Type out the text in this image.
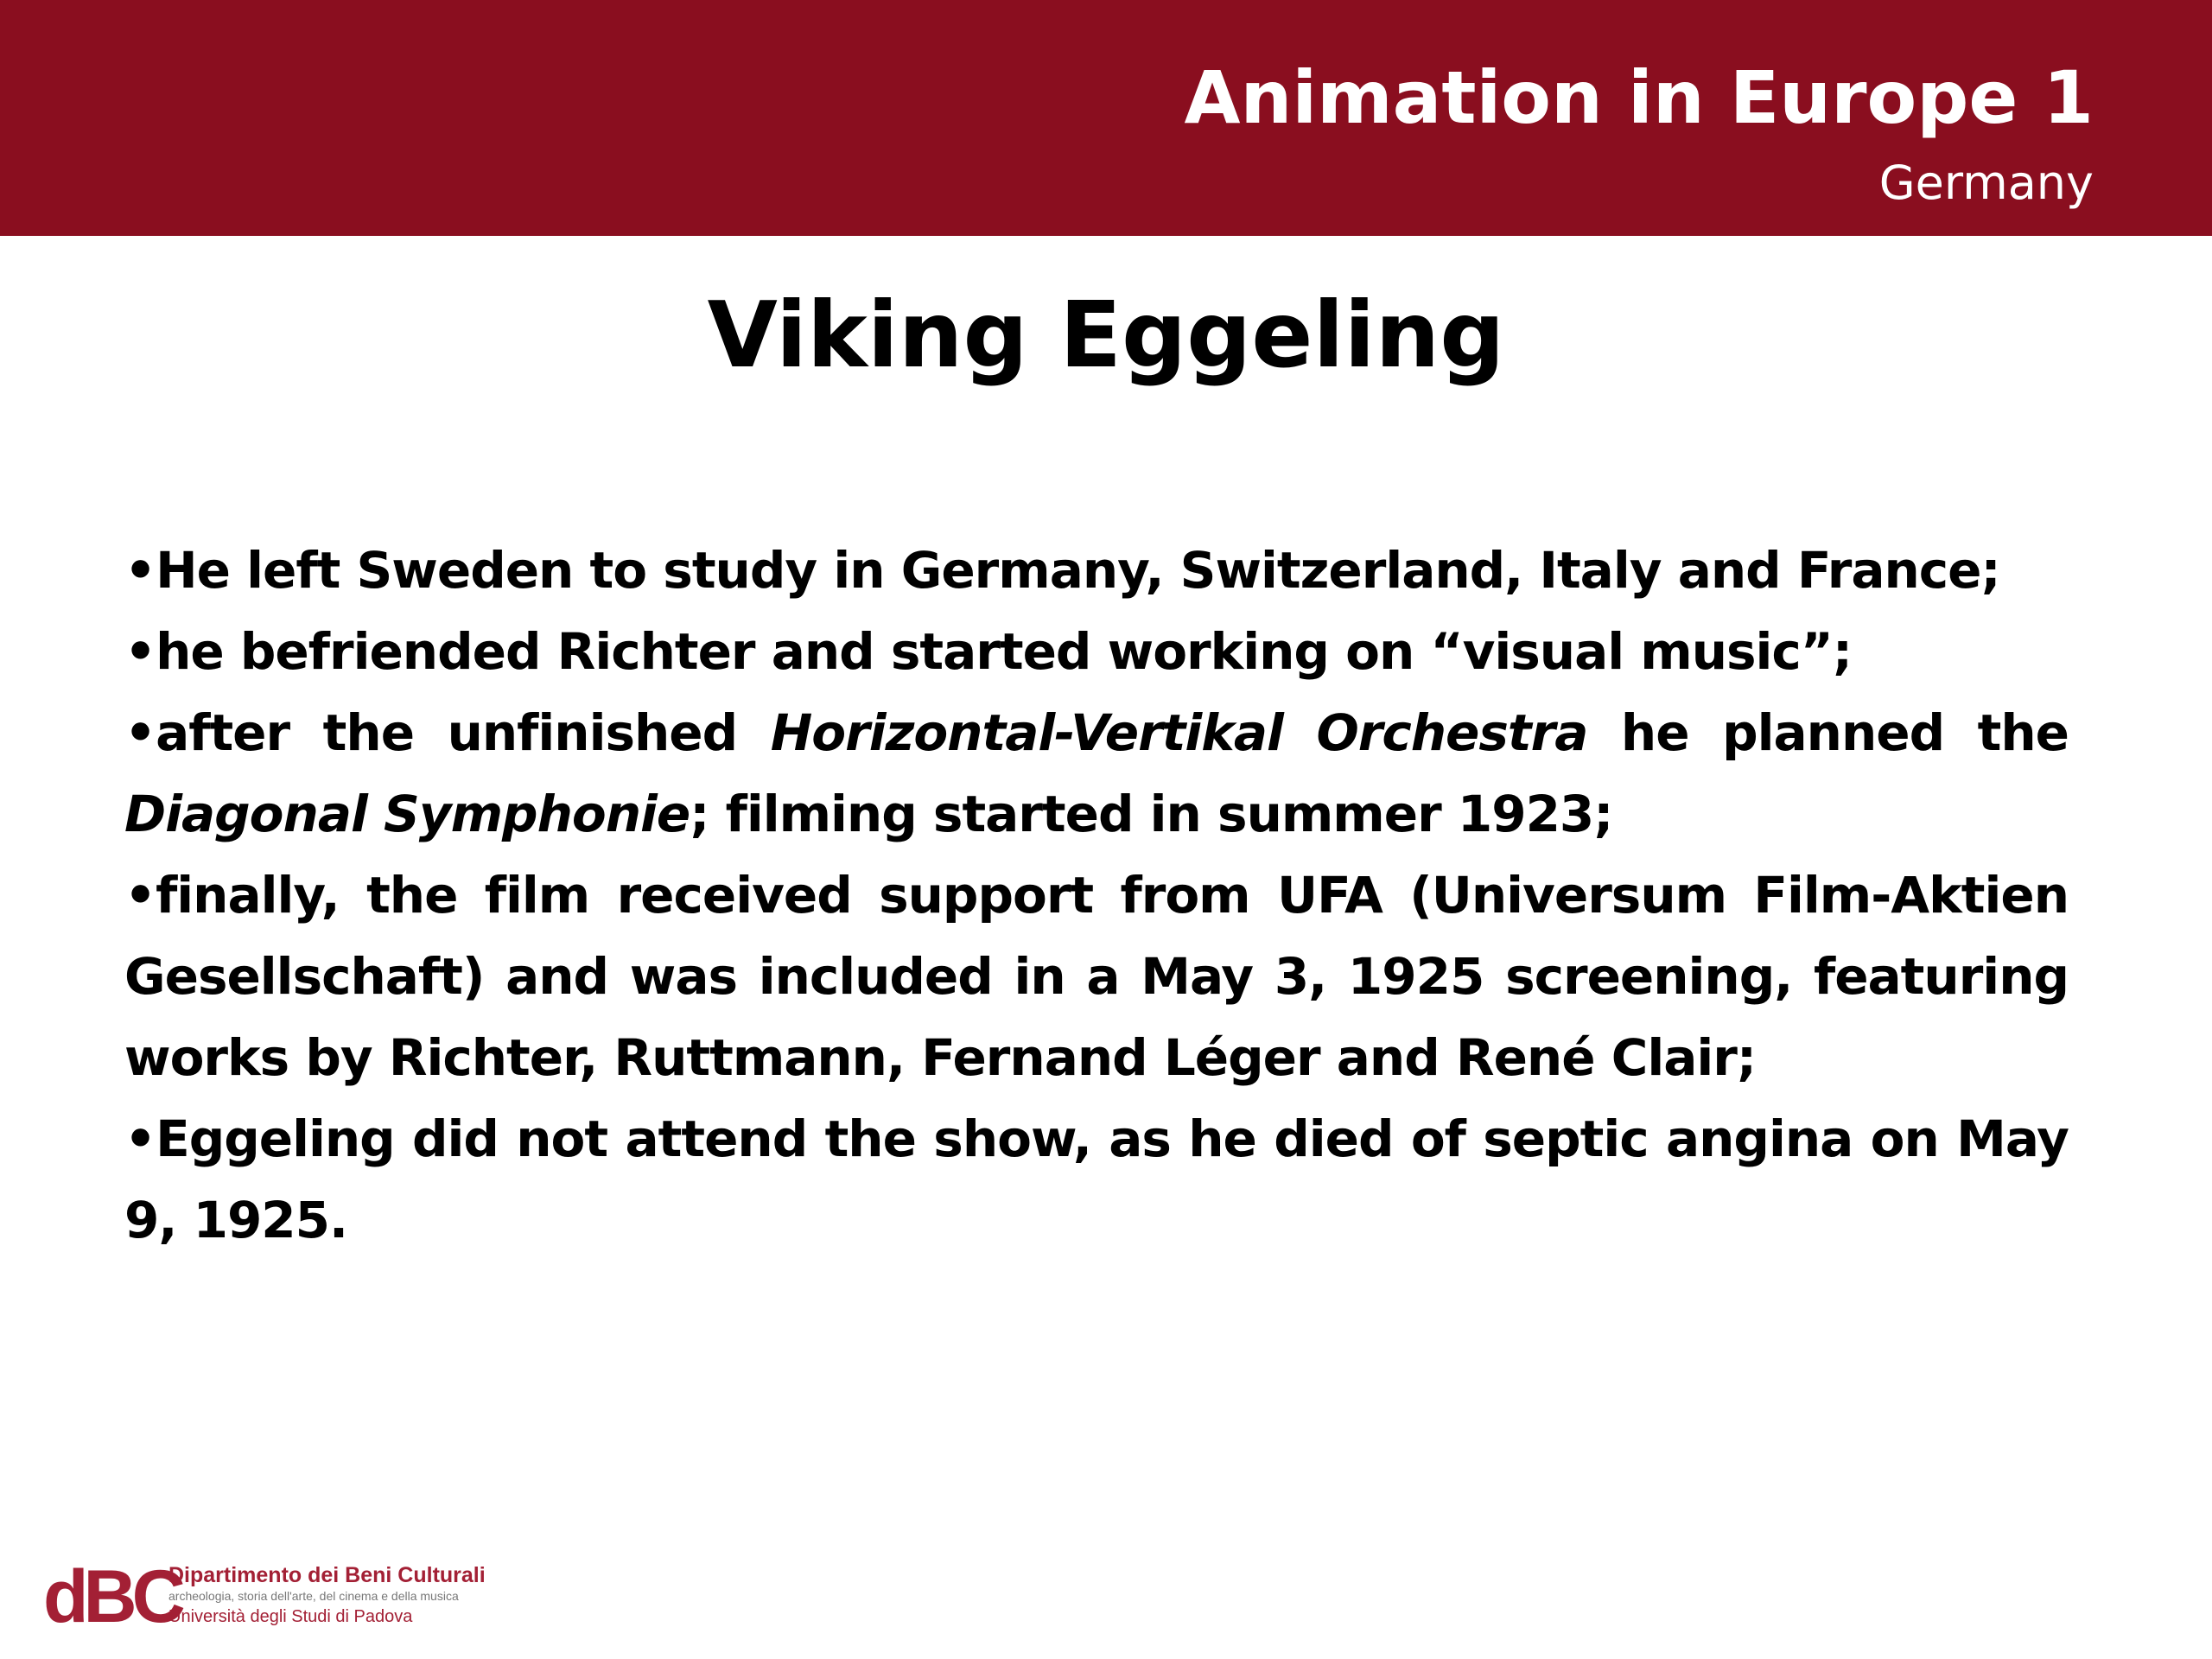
Animation in Europe 1
Germany
Viking Eggeling

•He left Sweden to study in Germany, Switzerland, Italy and France;

•he befriended Richter and started working on “visual music”;

•after the unfinished Horizontal-Vertikal Orchestra he planned the Diagonal Symphonie; filming started in summer 1923;

•finally, the film received support from UFA (Universum Film-Aktien Gesellschaft) and was included in a May 3, 1925 screening, featuring works by Richter, Ruttmann, Fernand Léger and René Clair;

•Eggeling did not attend the show, as he died of septic angina on May 9, 1925.

dBC
Dipartimento dei Beni Culturali
archeologia, storia dell'arte, del cinema e della musica
Università degli Studi di Padova
